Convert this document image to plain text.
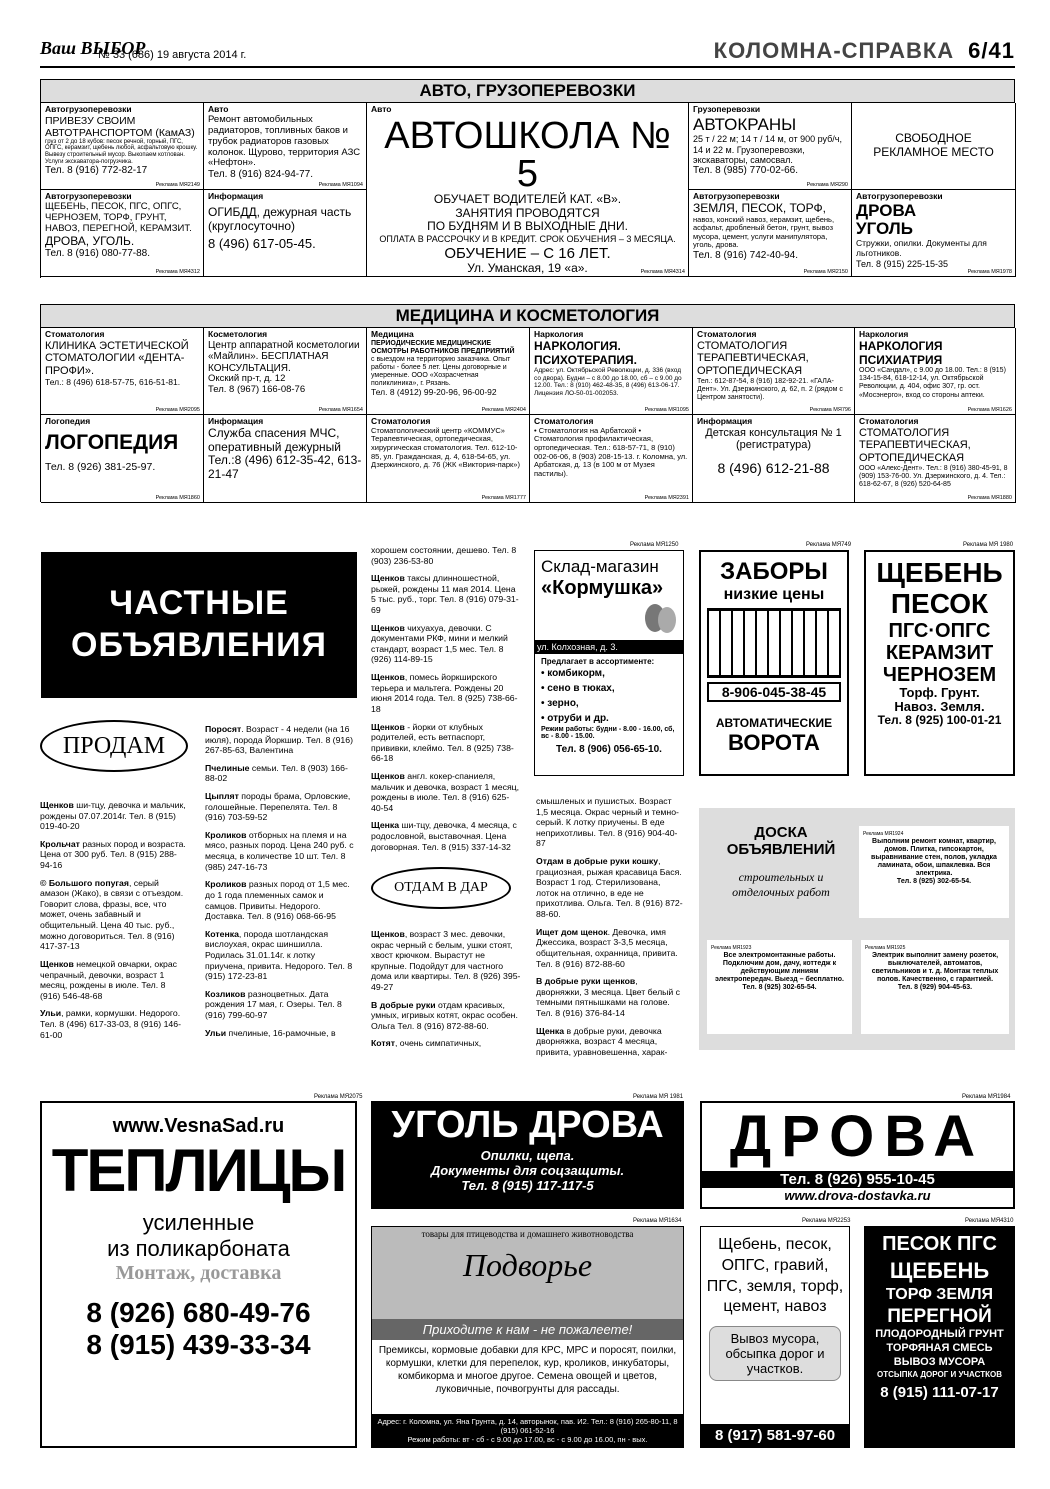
Ваш ВЫБОР
№ 33 (686) 19 августа 2014 г.	КОЛОМНА-СПРАВКА 6/41
АВТО, ГРУЗОПЕРЕВОЗКИ
Автогрузоперевозки
ПРИВЕЗУ СВОИМ
АВТОТРАНСПОРТОМ (КамАЗ)
груз от 2 до 18 кубов: песок речной, горный, ПГС, ОПГС, керамзит, щебень любой, асфальтовую крошку. Вывезу строительный мусор. Выкопаем котлован. Услуги экскаватора-погрузчика.
Тел. 8 (916) 772-82-17
Реклама МЯ2149
Авто
Ремонт автомобильных радиаторов, топливных баков и трубок радиаторов газовых колонок. Щурово, территория АЗС «Нефтон».
Тел. 8 (916) 824-94-77.
Реклама МЯ1094
Авто
АВТОШКОЛА № 5
ОБУЧАЕТ ВОДИТЕЛЕЙ КАТ. «В».
ЗАНЯТИЯ ПРОВОДЯТСЯ
ПО БУДНЯМ И В ВЫХОДНЫЕ ДНИ.
ОПЛАТА В РАССРОЧКУ И В КРЕДИТ. СРОК ОБУЧЕНИЯ – 3 МЕСЯЦА.
ОБУЧЕНИЕ – С 16 ЛЕТ.
Ул. Уманская, 19 «а».	Реклама МЯ4314
Грузоперевозки
АВТОКРАНЫ
25 т / 22 м; 14 т / 14 м, от 900 руб/ч, 14 и 22 м. Грузоперевозки, экскаваторы, самосвал.
Тел. 8 (985) 770-02-66.
Реклама МЯ290
СВОБОДНОЕ РЕКЛАМНОЕ МЕСТО
Автогрузоперевозки
ЩЕБЕНЬ, ПЕСОК, ПГС, ОПГС, ЧЕРНОЗЕМ, ТОРФ, ГРУНТ, НАВОЗ, ПЕРЕГНОЙ, КЕРАМЗИТ.
ДРОВА, УГОЛЬ.
Тел. 8 (916) 080-77-88.
Реклама МЯ4312
Информация
ОГИБДД, дежурная часть (круглосуточно)
8 (496) 617-05-45.
Автогрузоперевозки
ЗЕМЛЯ, ПЕСОК, ТОРФ,
навоз, конский навоз, керамзит, щебень, асфальт, дробленый бетон, грунт, вывоз мусора, цемент, услуги манипулятора, уголь, дрова.
Тел. 8 (916) 742-40-94.
Реклама МЯ2150
Автогрузоперевозки
ДРОВА
УГОЛЬ
Стружки, опилки. Документы для льготников.
Тел. 8 (915) 225-15-35
Реклама МЯ1978
МЕДИЦИНА И КОСМЕТОЛОГИЯ
Стоматология
КЛИНИКА ЭСТЕТИЧЕСКОЙ СТОМАТОЛОГИИ «ДЕНТА-ПРОФИ».
Тел.: 8 (496) 618-57-75, 616-51-81.
Реклама МЯ2095
Косметология
Центр аппаратной косметологии «Майлин». БЕСПЛАТНАЯ КОНСУЛЬТАЦИЯ.
Окский пр-т, д. 12
Тел. 8 (967) 166-08-76
Реклама МЯ1654
Медицина
ПЕРИОДИЧЕСКИЕ МЕДИЦИНСКИЕ ОСМОТРЫ РАБОТНИКОВ ПРЕДПРИЯТИЙ
с выездом на территорию заказчика. Опыт работы - более 5 лет. Цены договорные и умеренные. ООО «Хозрасчетная поликлиника», г. Рязань.
Тел. 8 (4912) 99-20-96, 96-00-92
Реклама МЯ2404
Наркология
НАРКОЛОГИЯ. ПСИХОТЕРАПИЯ.
Адрес: ул. Октябрьской Революции, д. 336 (вход со двора). Будни – с 8.00 до 18.00, сб – с 9.00 до 12.00. Тел.: 8 (910) 462-48-35, 8 (496) 613-06-17. Лицензия ЛО-50-01-002053.
Реклама МЯ1095
Стоматология
СТОМАТОЛОГИЯ ТЕРАПЕВТИЧЕСКАЯ, ОРТОПЕДИЧЕСКАЯ
Тел.: 612-87-54, 8 (916) 182-92-21. «ГАЛА-Дент». Ул. Дзержинского, д. 62, п. 2 (рядом с Центром занятости).
Реклама МЯ796
Наркология
НАРКОЛОГИЯ ПСИХИАТРИЯ
ООО «Сандал», с 9.00 до 18.00. Тел.: 8 (915) 134-15-84, 618-12-14, ул. Октябрьской Революции, д. 404, офис 307, гр. ост. «Мосэнерго», вход со стороны аптеки.
Реклама МЯ1626
Логопедия
ЛОГОПЕДИЯ
Тел. 8 (926) 381-25-97.
Реклама МЯ1860
Информация
Служба спасения МЧС, оперативный дежурный
Тел.:8 (496) 612-35-42, 613-21-47
Стоматология
Стоматологический центр «КОММУС» Терапевтическая, ортопедическая, хирургическая стоматология. Тел. 612-10-85, ул. Гражданская, д. 4, 618-54-65, ул. Дзержинского, д. 76 (ЖК «Виктория-парк»)
Реклама МЯ1777
Стоматология
• Стоматология на Арбатской • Стоматология профилактическая, ортопедическая. Тел.: 618-57-71, 8 (910) 002-06-06, 8 (903) 208-15-13. г. Коломна, ул. Арбатская, д. 13 (в 100 м от Музея пастилы).
Реклама МЯ2391
Информация
Детская консультация № 1 (регистратура)
8 (496) 612-21-88
Стоматология
СТОМАТОЛОГИЯ ТЕРАПЕВТИЧЕСКАЯ, ОРТОПЕДИЧЕСКАЯ
ООО «Алекс-Дент». Тел.: 8 (916) 380-45-91, 8 (909) 153-76-00. Ул. Дзержинского, д. 4. Тел.: 618-62-67, 8 (926) 520-64-85
Реклама МЯ1880
ЧАСТНЫЕ ОБЪЯВЛЕНИЯ
ПРОДАМ
ОТДАМ В ДАР

Щенков ши-тцу, девочка и мальчик, рождены 07.07.2014г. Тел. 8 (915) 019-40-20

Крольчат разных пород и возраста. Цена от 300 руб. Тел. 8 (915) 288-94-16

© Большого попугая, серый амазон (Жако), в связи с отъездом. Говорит слова, фразы, все, что может, очень забавный и общительный. Цена 40 тыс. руб., можно договориться. Тел. 8 (916) 417-37-13

Щенков немецкой овчарки, окрас чепрачный, девочки, возраст 1 месяц, рождены в июле. Тел. 8 (916) 546-48-68

Ульи, рамки, кормушки. Недорого. Тел. 8 (496) 617-33-03, 8 (916) 146-61-00

Поросят. Возраст - 4 недели (на 16 июля), порода Йоркшир. Тел. 8 (916) 267-85-63, Валентина

Пчелиные семьи. Тел. 8 (903) 166-88-02

Цыплят породы брама, Орловские, голошейные. Перепелята. Тел. 8 (916) 703-59-52

Кроликов отборных на племя и на мясо, разных пород. Цена 240 руб. с месяца, в количестве 10 шт. Тел. 8 (985) 247-16-73

Кроликов разных пород от 1,5 мес. до 1 года племенных самок и самцов. Привиты. Недорого. Доставка. Тел. 8 (916) 068-66-95

Котенка, порода шотландская вислоухая, окрас шиншилла. Родилась 31.01.14г. к лотку приучена, привита. Недорого. Тел. 8 (915) 172-23-81

Козликов разноцветных. Дата рождения 17 мая, г. Озеры. Тел. 8 (916) 799-60-97

Ульи пчелиные, 16-рамочные, в

хорошем состоянии, дешево. Тел. 8 (903) 236-53-80

Щенков таксы длинношестной, рыжей, рождены 11 мая 2014. Цена 5 тыс. руб., торг. Тел. 8 (916) 079-31-69

Щенков чихуахуа, девочки. С документами РКФ, мини и мелкий стандарт, возраст 1,5 мес. Тел. 8 (926) 114-89-15

Щенков, помесь йоркширского терьера и мальтега. Рождены 20 июня 2014 года. Тел. 8 (925) 738-66-18

Щенков - йорки от клубных родителей, есть ветпаспорт, прививки, клеймо. Тел. 8 (925) 738-66-18

Щенков англ. кокер-спаниеля, мальчик и девочка, возраст 1 месяц, рождены в июле. Тел. 8 (916) 625-40-54

Щенка ши-тцу, девочка, 4 месяца, с родословной, выставочная. Цена договорная. Тел. 8 (915) 337-14-32

Щенков, возраст 3 мес. девочки, окрас черный с белым, ушки стоят, хвост крючком. Вырастут не крупные. Подойдут для частного дома или квартиры. Тел. 8 (926) 395-49-27

В добрые руки отдам красивых, умных, игривых котят, окрас особен. Ольга Тел. 8 (916) 872-88-60.

Котят, очень симпатичных,

смышленых и пушистых. Возраст 1,5 месяца. Окрас черный и темно-серый. К лотку приучены. В еде неприхотливы. Тел. 8 (916) 904-40-87

Отдам в добрые руки кошку, грациозная, рыжая красавица Бася. Возраст 1 год. Стерилизована, лоток на отлично, в еде не прихотлива. Ольга. Тел. 8 (916) 872-88-60.

Ищет дом щенок. Девочка, имя Джессика, возраст 3-3,5 месяца, общительная, охранница, привита. Тел. 8 (916) 872-88-60

В добрые руки щенков, дворняжки, 3 месяца. Цвет белый с темными пятнышками на голове. Тел. 8 (916) 376-84-14

Щенка в добрые руки, девочка дворняжка, возраст 4 месяца, привита, уравновешенна, харак-

Реклама МЯ1250
Склад-магазин
«Кормушка»
ул. Колхозная, д. 3.
Предлагает в ассортименте:
• комбикорм,
• сено в тюках,
• зерно,
• отруби и др.
Режим работы: будни - 8.00 - 16.00, сб, вс - 8.00 - 15.00.
Тел. 8 (906) 056-65-10.
Реклама МЯ749
ЗАБОРЫ
низкие цены
8-906-045-38-45
АВТОМАТИЧЕСКИЕ
ВОРОТА
Реклама МЯ 1980
ЩЕБЕНЬ
ПЕСОК
ПГС·ОПГС
КЕРАМЗИТ
ЧЕРНОЗЕМ
Торф. Грунт.
Навоз. Земля.
Тел. 8 (925) 100-01-21
ДОСКА ОБЪЯВЛЕНИЙ
строительных и отделочных работ
Реклама МЯ1924
Выполним ремонт комнат, квартир, домов. Плитка, гипсокартон, выравнивание стен, полов, укладка ламината, обои, шпаклевка. Вся электрика.
Тел. 8 (925) 302-65-54.
Реклама МЯ1923
Все электромонтажные работы. Подключим дом, дачу, коттедж к действующим линиям электропередач. Выезд – бесплатно.
Тел. 8 (925) 302-65-54.
Реклама МЯ1925
Электрик выполнит замену розеток, выключателей, автоматов, светильников и т. д. Монтаж теплых полов. Качественно, с гарантией.
Тел. 8 (929) 904-45-63.
Реклама МЯ2075
www.VesnaSad.ru
ТЕПЛИЦЫ
усиленные
из поликарбоната
Монтаж, доставка
8 (926) 680-49-76
8 (915) 439-33-34
Реклама МЯ 1981
УГОЛЬ ДРОВА
Опилки, щепа.
Документы для соцзащиты.
Тел. 8 (915) 117-117-5
Реклама МЯ1984
ДРОВА
Тел. 8 (926) 955-10-45
www.drova-dostavka.ru
Реклама МЯ1634
товары для птицеводства и домашнего животноводства
Подворье
Приходите к нам - не пожалеете!
Премиксы, кормовые добавки для КРС, МРС и поросят, поилки, кормушки, клетки для перепелок, кур, кроликов, инкубаторы, комбикорма и многое другое. Семена овощей и цветов, луковичные, почвогрунты для рассады.
Адрес: г. Коломна, ул. Яна Грунта, д. 14, авторынок, пав. И2. Тел.: 8 (916) 265-80-11, 8 (915) 061-52-16
Режим работы: вт - сб - с 9.00 до 17.00, вс - с 9.00 до 16.00, пн - вых.
Реклама МЯ2253
Щебень, песок, ОПГС, гравий, ПГС, земля, торф, цемент, навоз
Вывоз мусора, обсыпка дорог и участков.
8 (917) 581-97-60
Реклама МЯ4310
ПЕСОК ПГС
ЩЕБЕНЬ
ТОРФ ЗЕМЛЯ
ПЕРЕГНОЙ
ПЛОДОРОДНЫЙ ГРУНТ
ТОРФЯНАЯ СМЕСЬ
ВЫВОЗ МУСОРА
ОТСЫПКА ДОРОГ И УЧАСТКОВ
8 (915) 111-07-17
